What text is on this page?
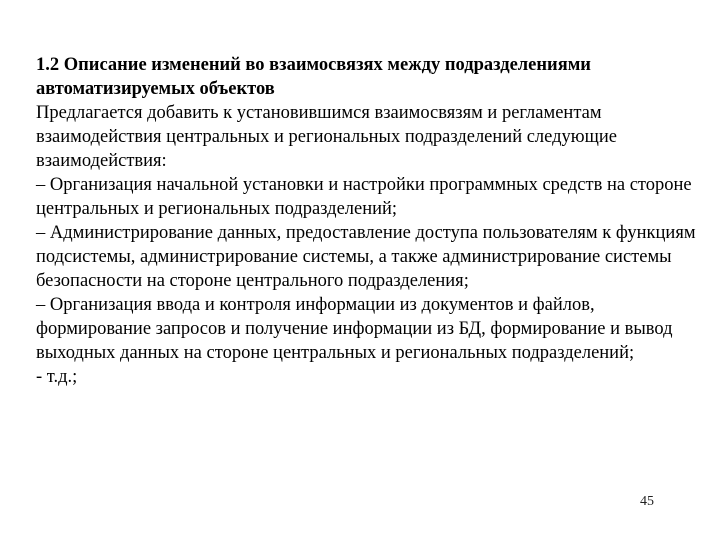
1.2 Описание изменений во взаимосвязях между подразделениями автоматизируемых объектов

Предлагается добавить к установившимся взаимосвязям и регламентам взаимодействия центральных и региональных подразделений следующие взаимодействия:

– Организация начальной установки и настройки программных средств на стороне центральных и региональных подразделений;

– Администрирование данных, предоставление доступа пользователям к функциям подсистемы, администрирование системы, а также администрирование системы безопасности на стороне центрального подразделения;

– Организация ввода и контроля информации из документов и файлов, формирование запросов и получение информации из БД, формирование и вывод выходных данных на стороне центральных и региональных подразделений;

- т.д.;

45
